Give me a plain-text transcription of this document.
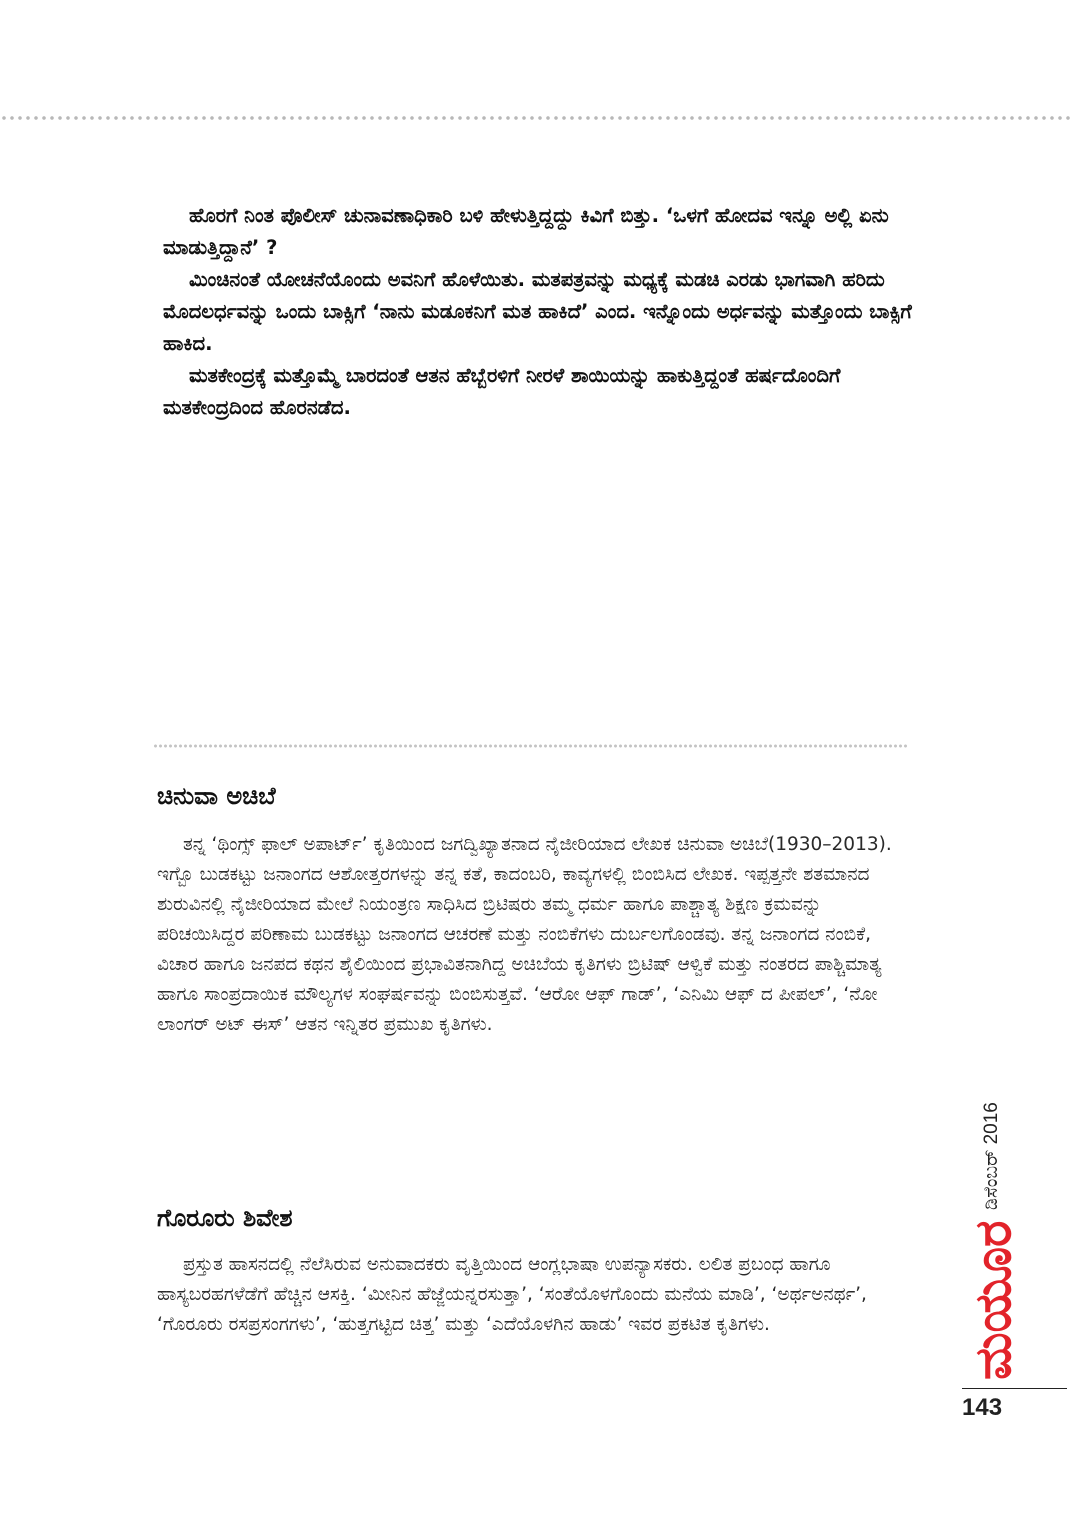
ಹೊರಗೆ ನಿಂತ ಪೊಲೀಸ್ ಚುನಾವಣಾಧಿಕಾರಿ ಬಳಿ ಹೇಳುತ್ತಿದ್ದದ್ದು ಕಿವಿಗೆ ಬಿತ್ತು. ‘ಒಳಗೆ ಹೋದವ ಇನ್ನೂ ಅಲ್ಲಿ ಏನು ಮಾಡುತ್ತಿದ್ದಾನೆ’ ?

ಮಿಂಚಿನಂತೆ ಯೋಚನೆಯೊಂದು ಅವನಿಗೆ ಹೊಳೆಯಿತು. ಮತಪತ್ರವನ್ನು ಮಧ್ಯಕ್ಕೆ ಮಡಚಿ ಎರಡು ಭಾಗವಾಗಿ ಹರಿದು ಮೊದಲರ್ಧವನ್ನು ಒಂದು ಬಾಕ್ಸಿಗೆ ‘ನಾನು ಮಡೂಕನಿಗೆ ಮತ ಹಾಕಿದೆ’ ಎಂದ. ಇನ್ನೊಂದು ಅರ್ಧವನ್ನು ಮತ್ತೊಂದು ಬಾಕ್ಸಿಗೆ ಹಾಕಿದ.

ಮತಕೇಂದ್ರಕ್ಕೆ ಮತ್ತೊಮ್ಮೆ ಬಾರದಂತೆ ಆತನ ಹೆಬ್ಬೆರಳಿಗೆ ನೀರಳೆ ಶಾಯಿಯನ್ನು ಹಾಕುತ್ತಿದ್ದಂತೆ ಹರ್ಷದೊಂದಿಗೆ ಮತಕೇಂದ್ರದಿಂದ ಹೊರನಡೆದ.

ಚಿನುವಾ ಅಚಿಬೆ

ತನ್ನ ‘ಥಿಂಗ್ಸ್ ಫಾಲ್ ಅಪಾರ್ಟ್’ ಕೃತಿಯಿಂದ ಜಗದ್ವಿಖ್ಯಾತನಾದ ನೈಜೀರಿಯಾದ ಲೇಖಕ ಚಿನುವಾ ಅಚಿಬೆ(1930–2013). ಇಗ್ಬೊ ಬುಡಕಟ್ಟು ಜನಾಂಗದ ಆಶೋತ್ತರಗಳನ್ನು ತನ್ನ ಕತೆ, ಕಾದಂಬರಿ, ಕಾವ್ಯಗಳಲ್ಲಿ ಬಿಂಬಿಸಿದ ಲೇಖಕ. ಇಪ್ಪತ್ತನೇ ಶತಮಾನದ ಶುರುವಿನಲ್ಲಿ ನೈಜೀರಿಯಾದ ಮೇಲೆ ನಿಯಂತ್ರಣ ಸಾಧಿಸಿದ ಬ್ರಿಟಿಷರು ತಮ್ಮ ಧರ್ಮ ಹಾಗೂ ಪಾಶ್ಚಾತ್ಯ ಶಿಕ್ಷಣ ಕ್ರಮವನ್ನು ಪರಿಚಯಿಸಿದ್ದರ ಪರಿಣಾಮ ಬುಡಕಟ್ಟು ಜನಾಂಗದ ಆಚರಣೆ ಮತ್ತು ನಂಬಿಕೆಗಳು ದುರ್ಬಲಗೊಂಡವು. ತನ್ನ ಜನಾಂಗದ ನಂಬಿಕೆ, ವಿಚಾರ ಹಾಗೂ ಜನಪದ ಕಥನ ಶೈಲಿಯಿಂದ ಪ್ರಭಾವಿತನಾಗಿದ್ದ ಅಚಿಬೆಯ ಕೃತಿಗಳು ಬ್ರಿಟಿಷ್ ಆಳ್ವಿಕೆ ಮತ್ತು ನಂತರದ ಪಾಶ್ಚಿಮಾತ್ಯ ಹಾಗೂ ಸಾಂಪ್ರದಾಯಿಕ ಮೌಲ್ಯಗಳ ಸಂಘರ್ಷವನ್ನು ಬಿಂಬಿಸುತ್ತವೆ. ‘ಆರೋ ಆಫ್ ಗಾಡ್’, ‘ಎನಿಮಿ ಆಫ್ ದ ಪೀಪಲ್’, ‘ನೋ ಲಾಂಗರ್ ಅಟ್ ಈಸ್’ ಆತನ ಇನ್ನಿತರ ಪ್ರಮುಖ ಕೃತಿಗಳು.

ಗೊರೂರು ಶಿವೇಶ

ಪ್ರಸ್ತುತ ಹಾಸನದಲ್ಲಿ ನೆಲೆಸಿರುವ ಅನುವಾದಕರು ವೃತ್ತಿಯಿಂದ ಆಂಗ್ಲಭಾಷಾ ಉಪನ್ಯಾಸಕರು. ಲಲಿತ ಪ್ರಬಂಧ ಹಾಗೂ ಹಾಸ್ಯಬರಹಗಳೆಡೆಗೆ ಹೆಚ್ಚಿನ ಆಸಕ್ತಿ. ‘ಮೀನಿನ ಹೆಜ್ಜೆಯನ್ನರಸುತ್ತಾ’, ‘ಸಂತೆಯೊಳಗೊಂದು ಮನೆಯ ಮಾಡಿ’, ‘ಅರ್ಥಅನರ್ಥ’, ‘ಗೊರೂರು ರಸಪ್ರಸಂಗಗಳು’, ‘ಹುತ್ತಗಟ್ಟಿದ ಚಿತ್ತ’ ಮತ್ತು ‘ಎದೆಯೊಳಗಿನ ಹಾಡು’ ಇವರ ಪ್ರಕಟಿತ ಕೃತಿಗಳು.

ಡಿಸೆಂಬರ್ 2016
ಮಯೂರ
143
